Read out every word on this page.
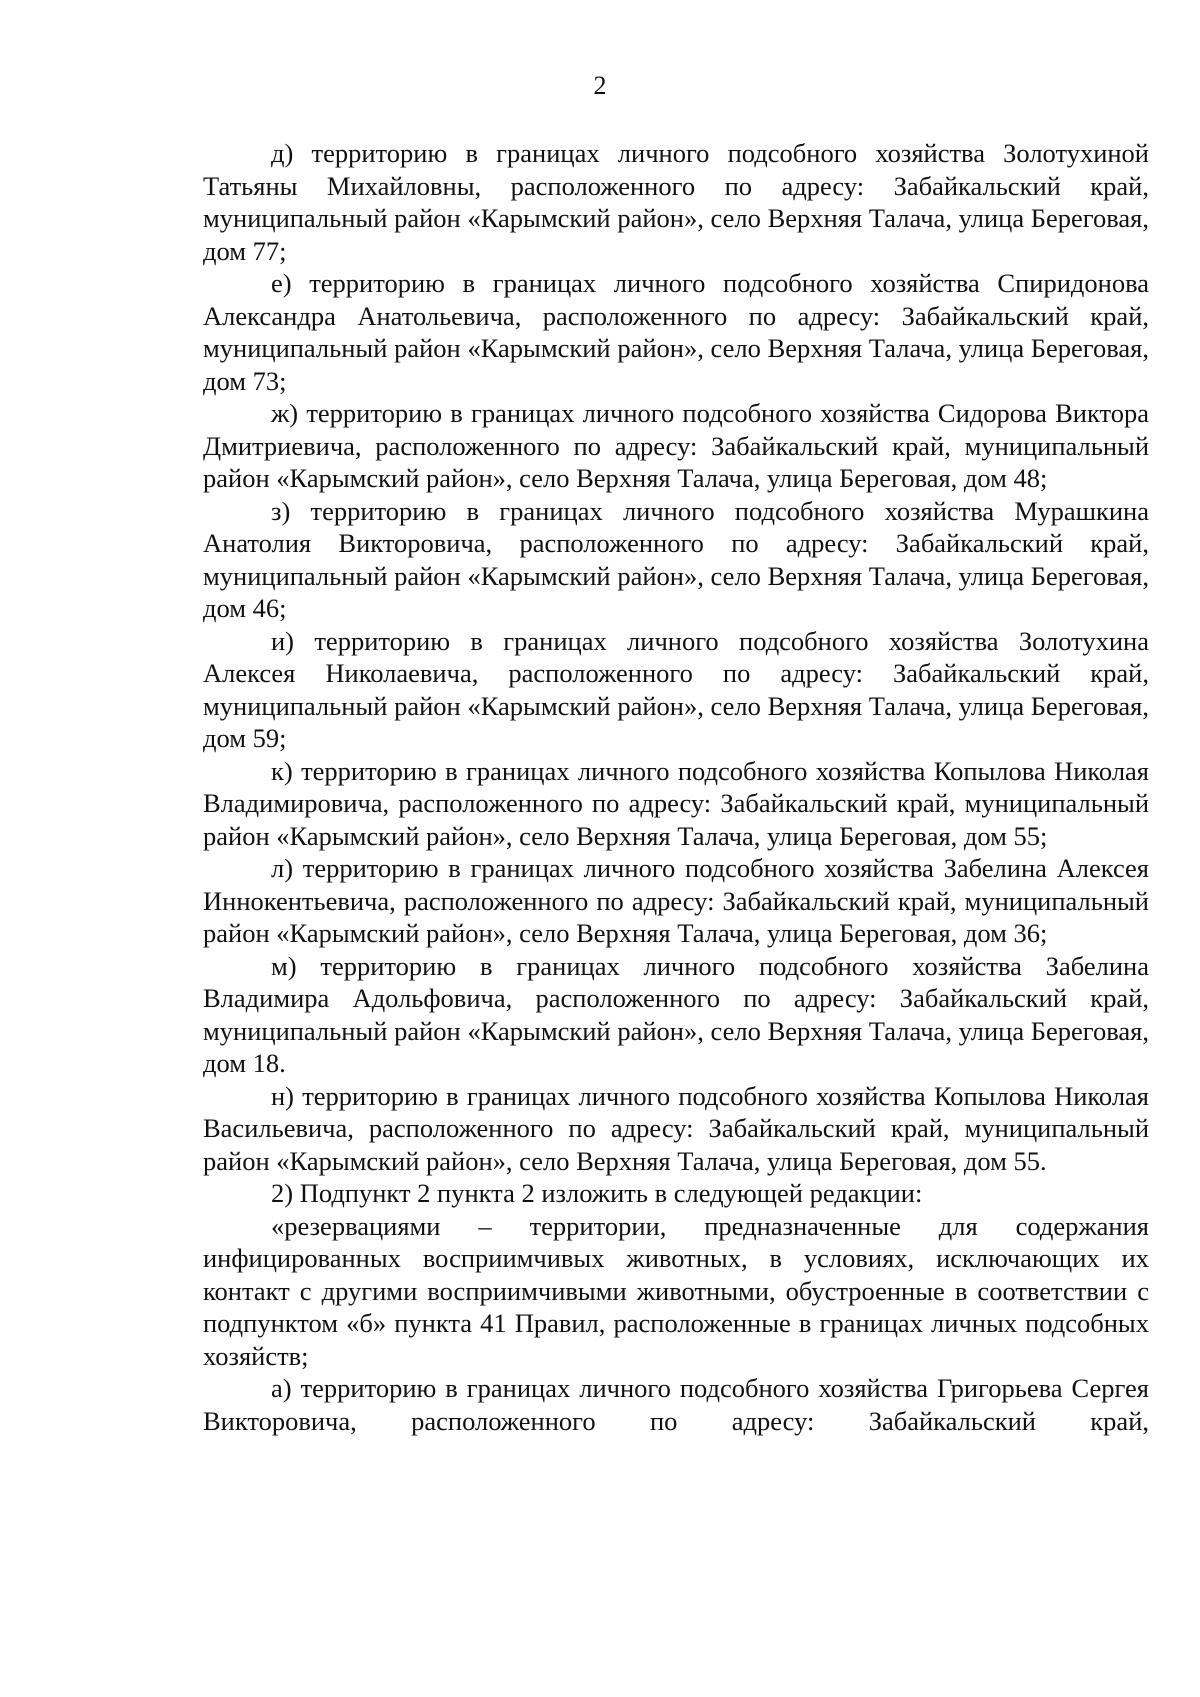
2

д) территорию в границах личного подсобного хозяйства Золотухиной Татьяны Михайловны, расположенного по адресу: Забайкальский край, муниципальный район «Карымский район», село Верхняя Талача, улица Береговая, дом 77;

е) территорию в границах личного подсобного хозяйства Спиридонова Александра Анатольевича, расположенного по адресу: Забайкальский край, муниципальный район «Карымский район», село Верхняя Талача, улица Береговая, дом 73;

ж) территорию в границах личного подсобного хозяйства Сидорова Виктора Дмитриевича, расположенного по адресу: Забайкальский край, муниципальный район «Карымский район», село Верхняя Талача, улица Береговая, дом 48;

з) территорию в границах личного подсобного хозяйства Мурашкина Анатолия Викторовича, расположенного по адресу: Забайкальский край, муниципальный район «Карымский район», село Верхняя Талача, улица Береговая, дом 46;

и) территорию в границах личного подсобного хозяйства Золотухина Алексея Николаевича, расположенного по адресу: Забайкальский край, муниципальный район «Карымский район», село Верхняя Талача, улица Береговая, дом 59;

к) территорию в границах личного подсобного хозяйства Копылова Николая Владимировича, расположенного по адресу: Забайкальский край, муниципальный район «Карымский район», село Верхняя Талача, улица Береговая, дом 55;

л) территорию в границах личного подсобного хозяйства Забелина Алексея Иннокентьевича, расположенного по адресу: Забайкальский край, муниципальный район «Карымский район», село Верхняя Талача, улица Береговая, дом 36;

м) территорию в границах личного подсобного хозяйства Забелина Владимира Адольфовича, расположенного по адресу: Забайкальский край, муниципальный район «Карымский район», село Верхняя Талача, улица Береговая, дом 18.

н) территорию в границах личного подсобного хозяйства Копылова Николая Васильевича, расположенного по адресу: Забайкальский край, муниципальный район «Карымский район», село Верхняя Талача, улица Береговая, дом 55.

2) Подпункт 2 пункта 2 изложить в следующей редакции:

«резервациями – территории, предназначенные для содержания инфицированных восприимчивых животных, в условиях, исключающих их контакт с другими восприимчивыми животными, обустроенные в соответствии с подпунктом «б» пункта 41 Правил, расположенные в границах личных подсобных хозяйств;

а) территорию в границах личного подсобного хозяйства Григорьева Сергея Викторовича, расположенного по адресу: Забайкальский край,
